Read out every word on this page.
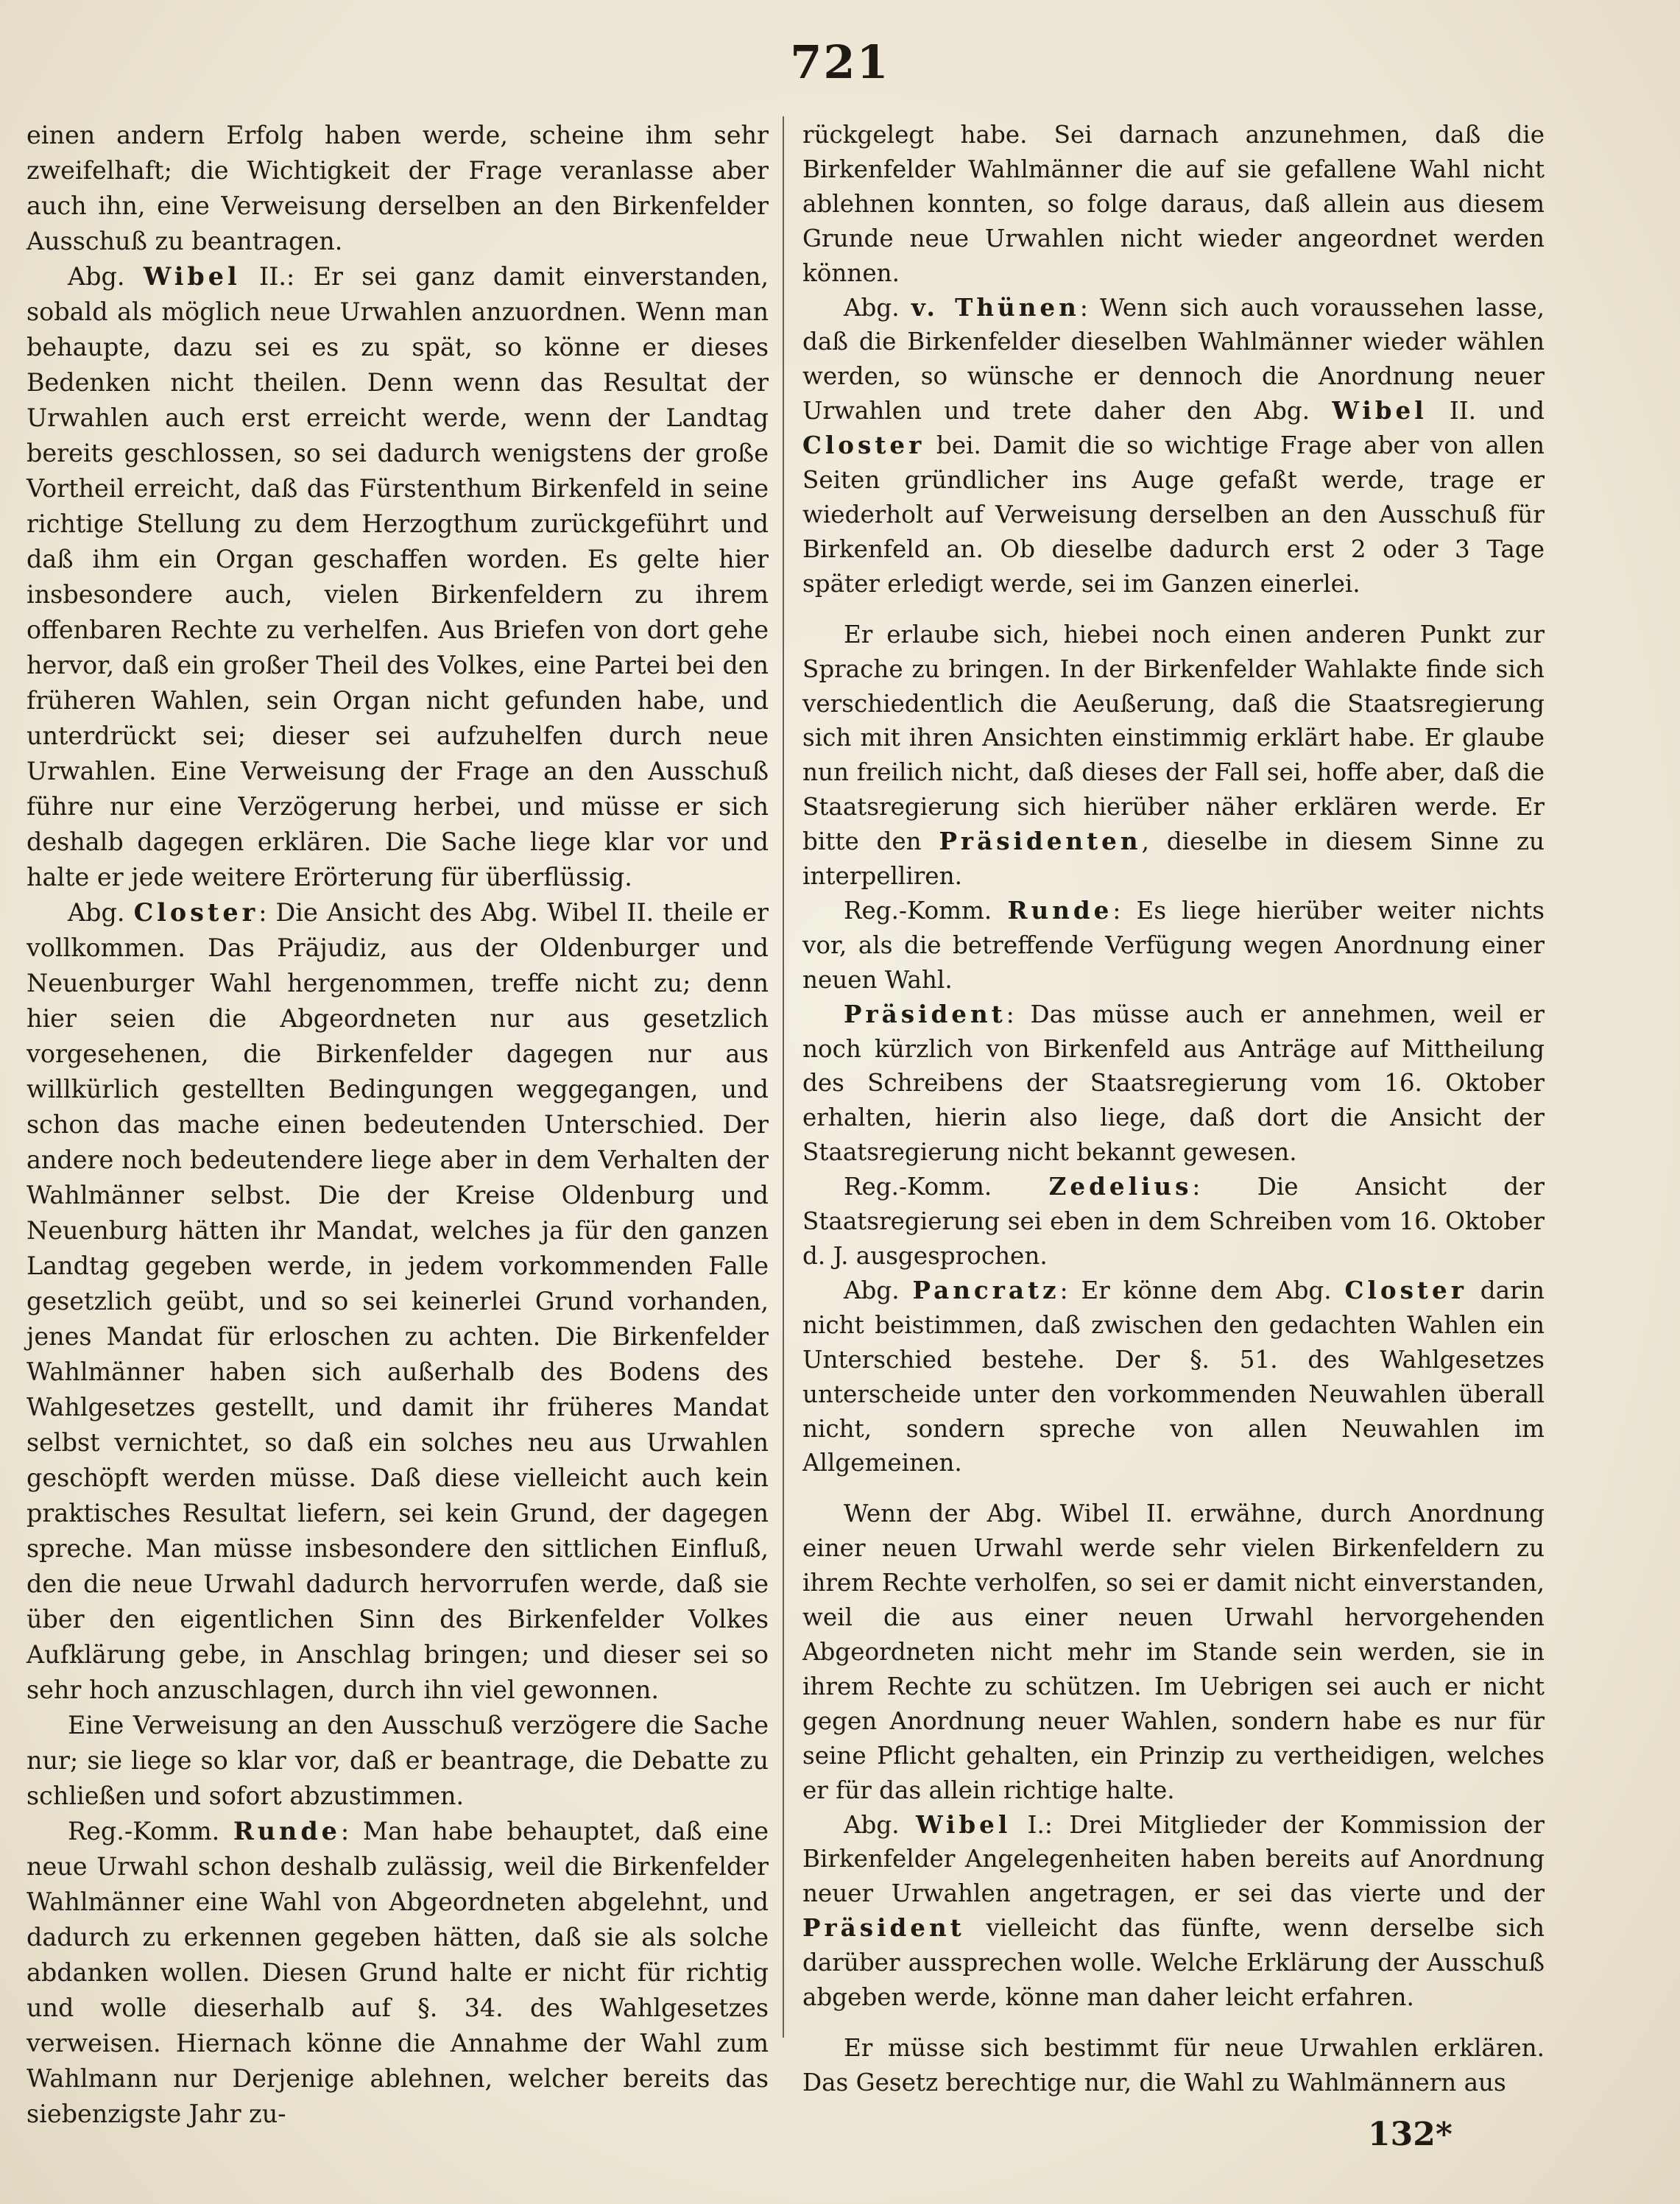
721

einen andern Erfolg haben werde, scheine ihm sehr zweifelhaft; die Wichtigkeit der Frage veranlasse aber auch ihn, eine Verweisung derselben an den Birkenfelder Ausschuß zu beantragen.

Abg. Wibel II.: Er sei ganz damit einverstanden, sobald als möglich neue Urwahlen anzuordnen. Wenn man behaupte, dazu sei es zu spät, so könne er dieses Bedenken nicht theilen. Denn wenn das Resultat der Urwahlen auch erst erreicht werde, wenn der Landtag bereits geschlossen, so sei dadurch wenigstens der große Vortheil erreicht, daß das Fürstenthum Birkenfeld in seine richtige Stellung zu dem Herzogthum zurückgeführt und daß ihm ein Organ geschaffen worden. Es gelte hier insbesondere auch, vielen Birkenfeldern zu ihrem offenbaren Rechte zu verhelfen. Aus Briefen von dort gehe hervor, daß ein großer Theil des Volkes, eine Partei bei den früheren Wahlen, sein Organ nicht gefunden habe, und unterdrückt sei; dieser sei aufzuhelfen durch neue Urwahlen. Eine Verweisung der Frage an den Ausschuß führe nur eine Verzögerung herbei, und müsse er sich deshalb dagegen erklären. Die Sache liege klar vor und halte er jede weitere Erörterung für überflüssig.

Abg. Closter: Die Ansicht des Abg. Wibel II. theile er vollkommen. Das Präjudiz, aus der Oldenburger und Neuenburger Wahl hergenommen, treffe nicht zu; denn hier seien die Abgeordneten nur aus gesetzlich vorgesehenen, die Birkenfelder dagegen nur aus willkürlich gestellten Bedingungen weggegangen, und schon das mache einen bedeutenden Unterschied. Der andere noch bedeutendere liege aber in dem Verhalten der Wahlmänner selbst. Die der Kreise Oldenburg und Neuenburg hätten ihr Mandat, welches ja für den ganzen Landtag gegeben werde, in jedem vorkommenden Falle gesetzlich geübt, und so sei keinerlei Grund vorhanden, jenes Mandat für erloschen zu achten. Die Birkenfelder Wahlmänner haben sich außerhalb des Bodens des Wahlgesetzes gestellt, und damit ihr früheres Mandat selbst vernichtet, so daß ein solches neu aus Urwahlen geschöpft werden müsse. Daß diese vielleicht auch kein praktisches Resultat liefern, sei kein Grund, der dagegen spreche. Man müsse insbesondere den sittlichen Einfluß, den die neue Urwahl dadurch hervorrufen werde, daß sie über den eigentlichen Sinn des Birkenfelder Volkes Aufklärung gebe, in Anschlag bringen; und dieser sei so sehr hoch anzuschlagen, durch ihn viel gewonnen.

Eine Verweisung an den Ausschuß verzögere die Sache nur; sie liege so klar vor, daß er beantrage, die Debatte zu schließen und sofort abzustimmen.

Reg.-Komm. Runde: Man habe behauptet, daß eine neue Urwahl schon deshalb zulässig, weil die Birkenfelder Wahlmänner eine Wahl von Abgeordneten abgelehnt, und dadurch zu erkennen gegeben hätten, daß sie als solche abdanken wollen. Diesen Grund halte er nicht für richtig und wolle dieserhalb auf §. 34. des Wahlgesetzes verweisen. Hiernach könne die Annahme der Wahl zum Wahlmann nur Derjenige ablehnen, welcher bereits das siebenzigste Jahr zu-

rückgelegt habe. Sei darnach anzunehmen, daß die Birkenfelder Wahlmänner die auf sie gefallene Wahl nicht ablehnen konnten, so folge daraus, daß allein aus diesem Grunde neue Urwahlen nicht wieder angeordnet werden können.

Abg. v. Thünen: Wenn sich auch voraussehen lasse, daß die Birkenfelder dieselben Wahlmänner wieder wählen werden, so wünsche er dennoch die Anordnung neuer Urwahlen und trete daher den Abg. Wibel II. und Closter bei. Damit die so wichtige Frage aber von allen Seiten gründlicher ins Auge gefaßt werde, trage er wiederholt auf Verweisung derselben an den Ausschuß für Birkenfeld an. Ob dieselbe dadurch erst 2 oder 3 Tage später erledigt werde, sei im Ganzen einerlei.

Er erlaube sich, hiebei noch einen anderen Punkt zur Sprache zu bringen. In der Birkenfelder Wahlakte finde sich verschiedentlich die Aeußerung, daß die Staatsregierung sich mit ihren Ansichten einstimmig erklärt habe. Er glaube nun freilich nicht, daß dieses der Fall sei, hoffe aber, daß die Staatsregierung sich hierüber näher erklären werde. Er bitte den Präsidenten, dieselbe in diesem Sinne zu interpelliren.

Reg.-Komm. Runde: Es liege hierüber weiter nichts vor, als die betreffende Verfügung wegen Anordnung einer neuen Wahl.

Präsident: Das müsse auch er annehmen, weil er noch kürzlich von Birkenfeld aus Anträge auf Mittheilung des Schreibens der Staatsregierung vom 16. Oktober erhalten, hierin also liege, daß dort die Ansicht der Staatsregierung nicht bekannt gewesen.

Reg.-Komm. Zedelius: Die Ansicht der Staatsregierung sei eben in dem Schreiben vom 16. Oktober d. J. ausgesprochen.

Abg. Pancratz: Er könne dem Abg. Closter darin nicht beistimmen, daß zwischen den gedachten Wahlen ein Unterschied bestehe. Der §. 51. des Wahlgesetzes unterscheide unter den vorkommenden Neuwahlen überall nicht, sondern spreche von allen Neuwahlen im Allgemeinen.

Wenn der Abg. Wibel II. erwähne, durch Anordnung einer neuen Urwahl werde sehr vielen Birkenfeldern zu ihrem Rechte verholfen, so sei er damit nicht einverstanden, weil die aus einer neuen Urwahl hervorgehenden Abgeordneten nicht mehr im Stande sein werden, sie in ihrem Rechte zu schützen. Im Uebrigen sei auch er nicht gegen Anordnung neuer Wahlen, sondern habe es nur für seine Pflicht gehalten, ein Prinzip zu vertheidigen, welches er für das allein richtige halte.

Abg. Wibel I.: Drei Mitglieder der Kommission der Birkenfelder Angelegenheiten haben bereits auf Anordnung neuer Urwahlen angetragen, er sei das vierte und der Präsident vielleicht das fünfte, wenn derselbe sich darüber aussprechen wolle. Welche Erklärung der Ausschuß abgeben werde, könne man daher leicht erfahren.

Er müsse sich bestimmt für neue Urwahlen erklären. Das Gesetz berechtige nur, die Wahl zu Wahlmännern aus

132*
